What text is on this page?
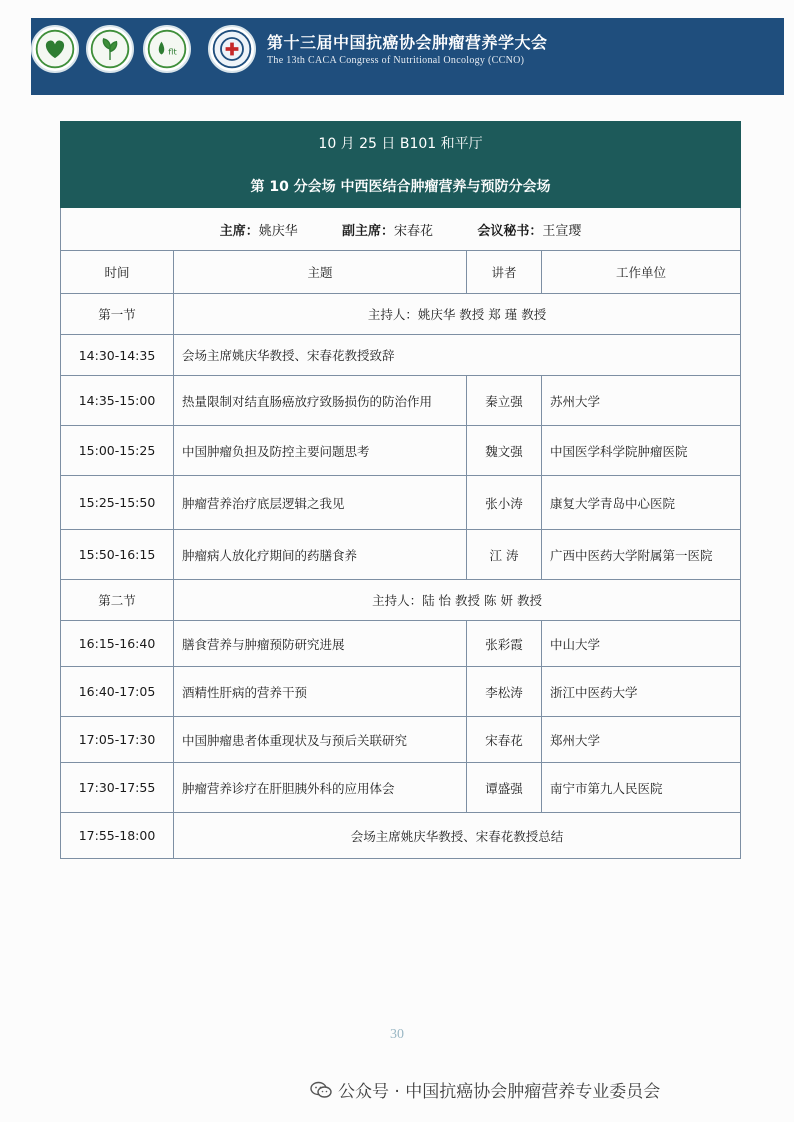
flt	第十三届中国抗癌协会肿瘤营养学大会
The 13th CACA Congress of Nutritional Oncology (CCNO)
10 月 25 日 B101 和平厅			
第 10 分会场 中西医结合肿瘤营养与预防分会场			
主席：姚庆华 副主席：宋春花 会议秘书：王宣璎			
时间	主题	讲者	工作单位
第一节	主持人：姚庆华 教授 郑 瑾 教授		
14:30-14:35	会场主席姚庆华教授、宋春花教授致辞		
14:35-15:00	热量限制对结直肠癌放疗致肠损伤的防治作用	秦立强	苏州大学
15:00-15:25	中国肿瘤负担及防控主要问题思考	魏文强	中国医学科学院肿瘤医院
15:25-15:50	肿瘤营养治疗底层逻辑之我见	张小涛	康复大学青岛中心医院
15:50-16:15	肿瘤病人放化疗期间的药膳食养	江 涛	广西中医药大学附属第一医院
第二节	主持人：陆 怡 教授 陈 妍 教授		
16:15-16:40	膳食营养与肿瘤预防研究进展	张彩霞	中山大学
16:40-17:05	酒精性肝病的营养干预	李松涛	浙江中医药大学
17:05-17:30	中国肿瘤患者体重现状及与预后关联研究	宋春花	郑州大学
17:30-17:55	肿瘤营养诊疗在肝胆胰外科的应用体会	谭盛强	南宁市第九人民医院
17:55-18:00	会场主席姚庆华教授、宋春花教授总结		
30
公众号 · 中国抗癌协会肿瘤营养专业委员会
